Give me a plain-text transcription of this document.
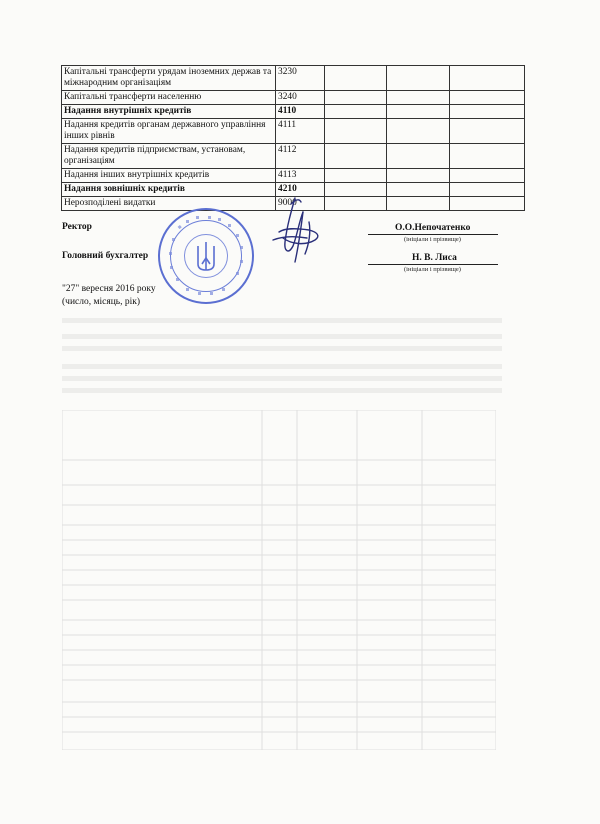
Капітальні трансферти урядам іноземних держав та міжнародним організаціям	3230			
Капітальні трансферти населенню	3240			
Надання внутрішніх кредитів	4110			
Надання кредитів органам державного управління інших рівнів	4111			
Надання кредитів підприємствам, установам, організаціям	4112			
Надання інших внутрішніх кредитів	4113			
Надання зовнішніх кредитів	4210			
Нерозподілені видатки	9000			
Ректор	О.О.Непочатенко
(ініціали і прізвище)
Головний бухгалтер	Н. В. Лиса
(ініціали і прізвище)
"27" вересня 2016 року
(число, місяць, рік)
